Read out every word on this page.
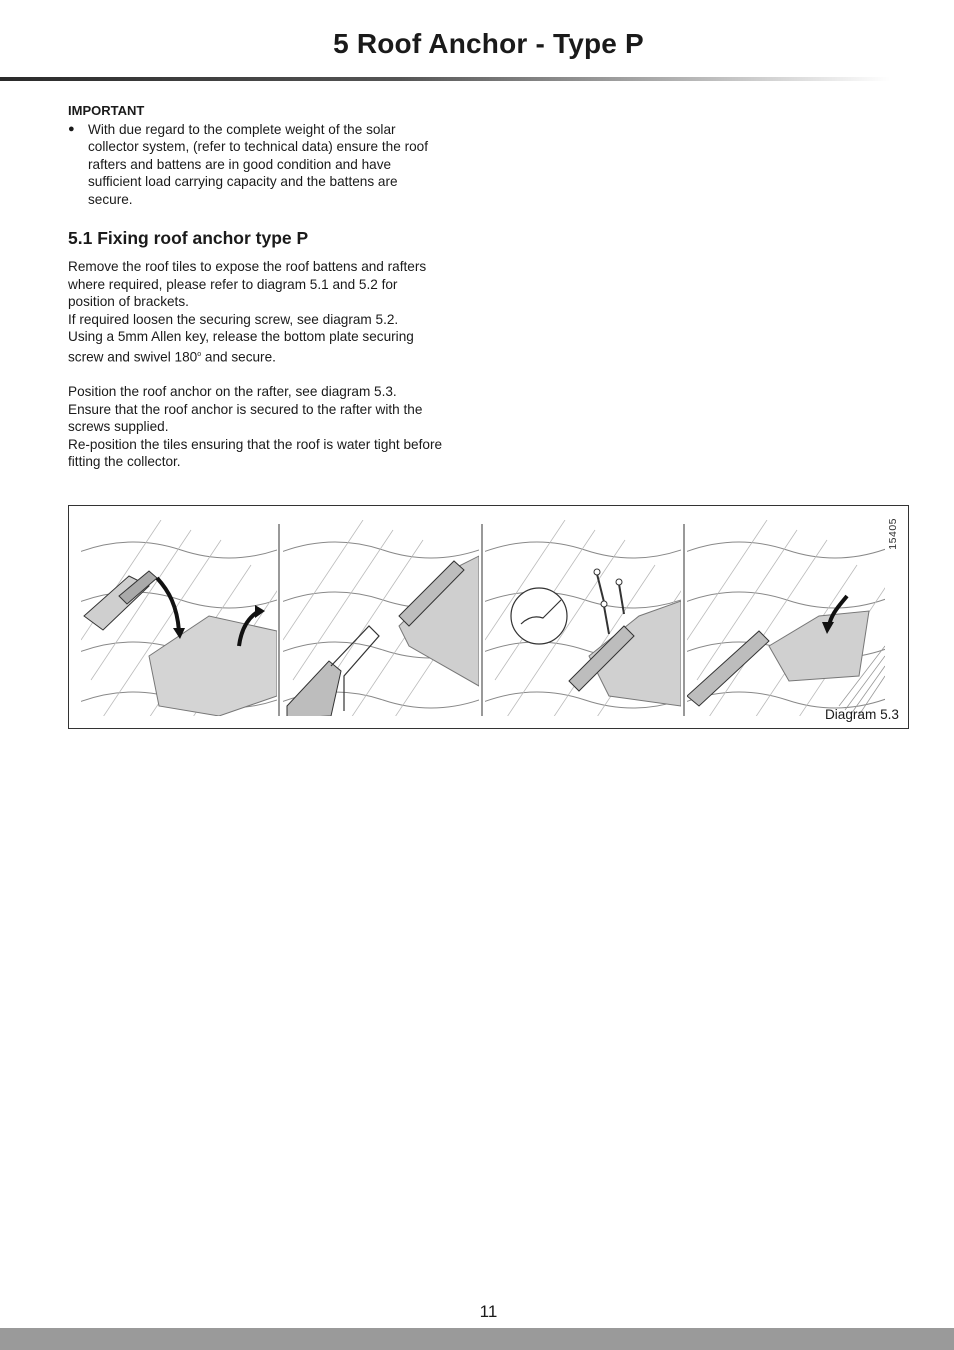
5 Roof Anchor - Type P
IMPORTANT
● With due regard to the complete weight of the solar
collector system, (refer to technical data) ensure the roof
rafters and battens are in good condition and have
sufficient load carrying capacity and the battens are
secure.
5.1 Fixing roof anchor type P
Remove the roof tiles to expose the roof battens and rafters
where required, please refer to diagram 5.1 and 5.2 for
position of brackets.
If required loosen the securing screw, see diagram 5.2.
Using a 5mm Allen key, release the bottom plate securing
screw and swivel 180$^o$ and secure.
Position the roof anchor on the rafter, see diagram 5.3.
Ensure that the roof anchor is secured to the rafter with the
screws supplied.
Re-position the tiles ensuring that the roof is water tight before
fitting the collector.
15405
Diagram 5.3
11
